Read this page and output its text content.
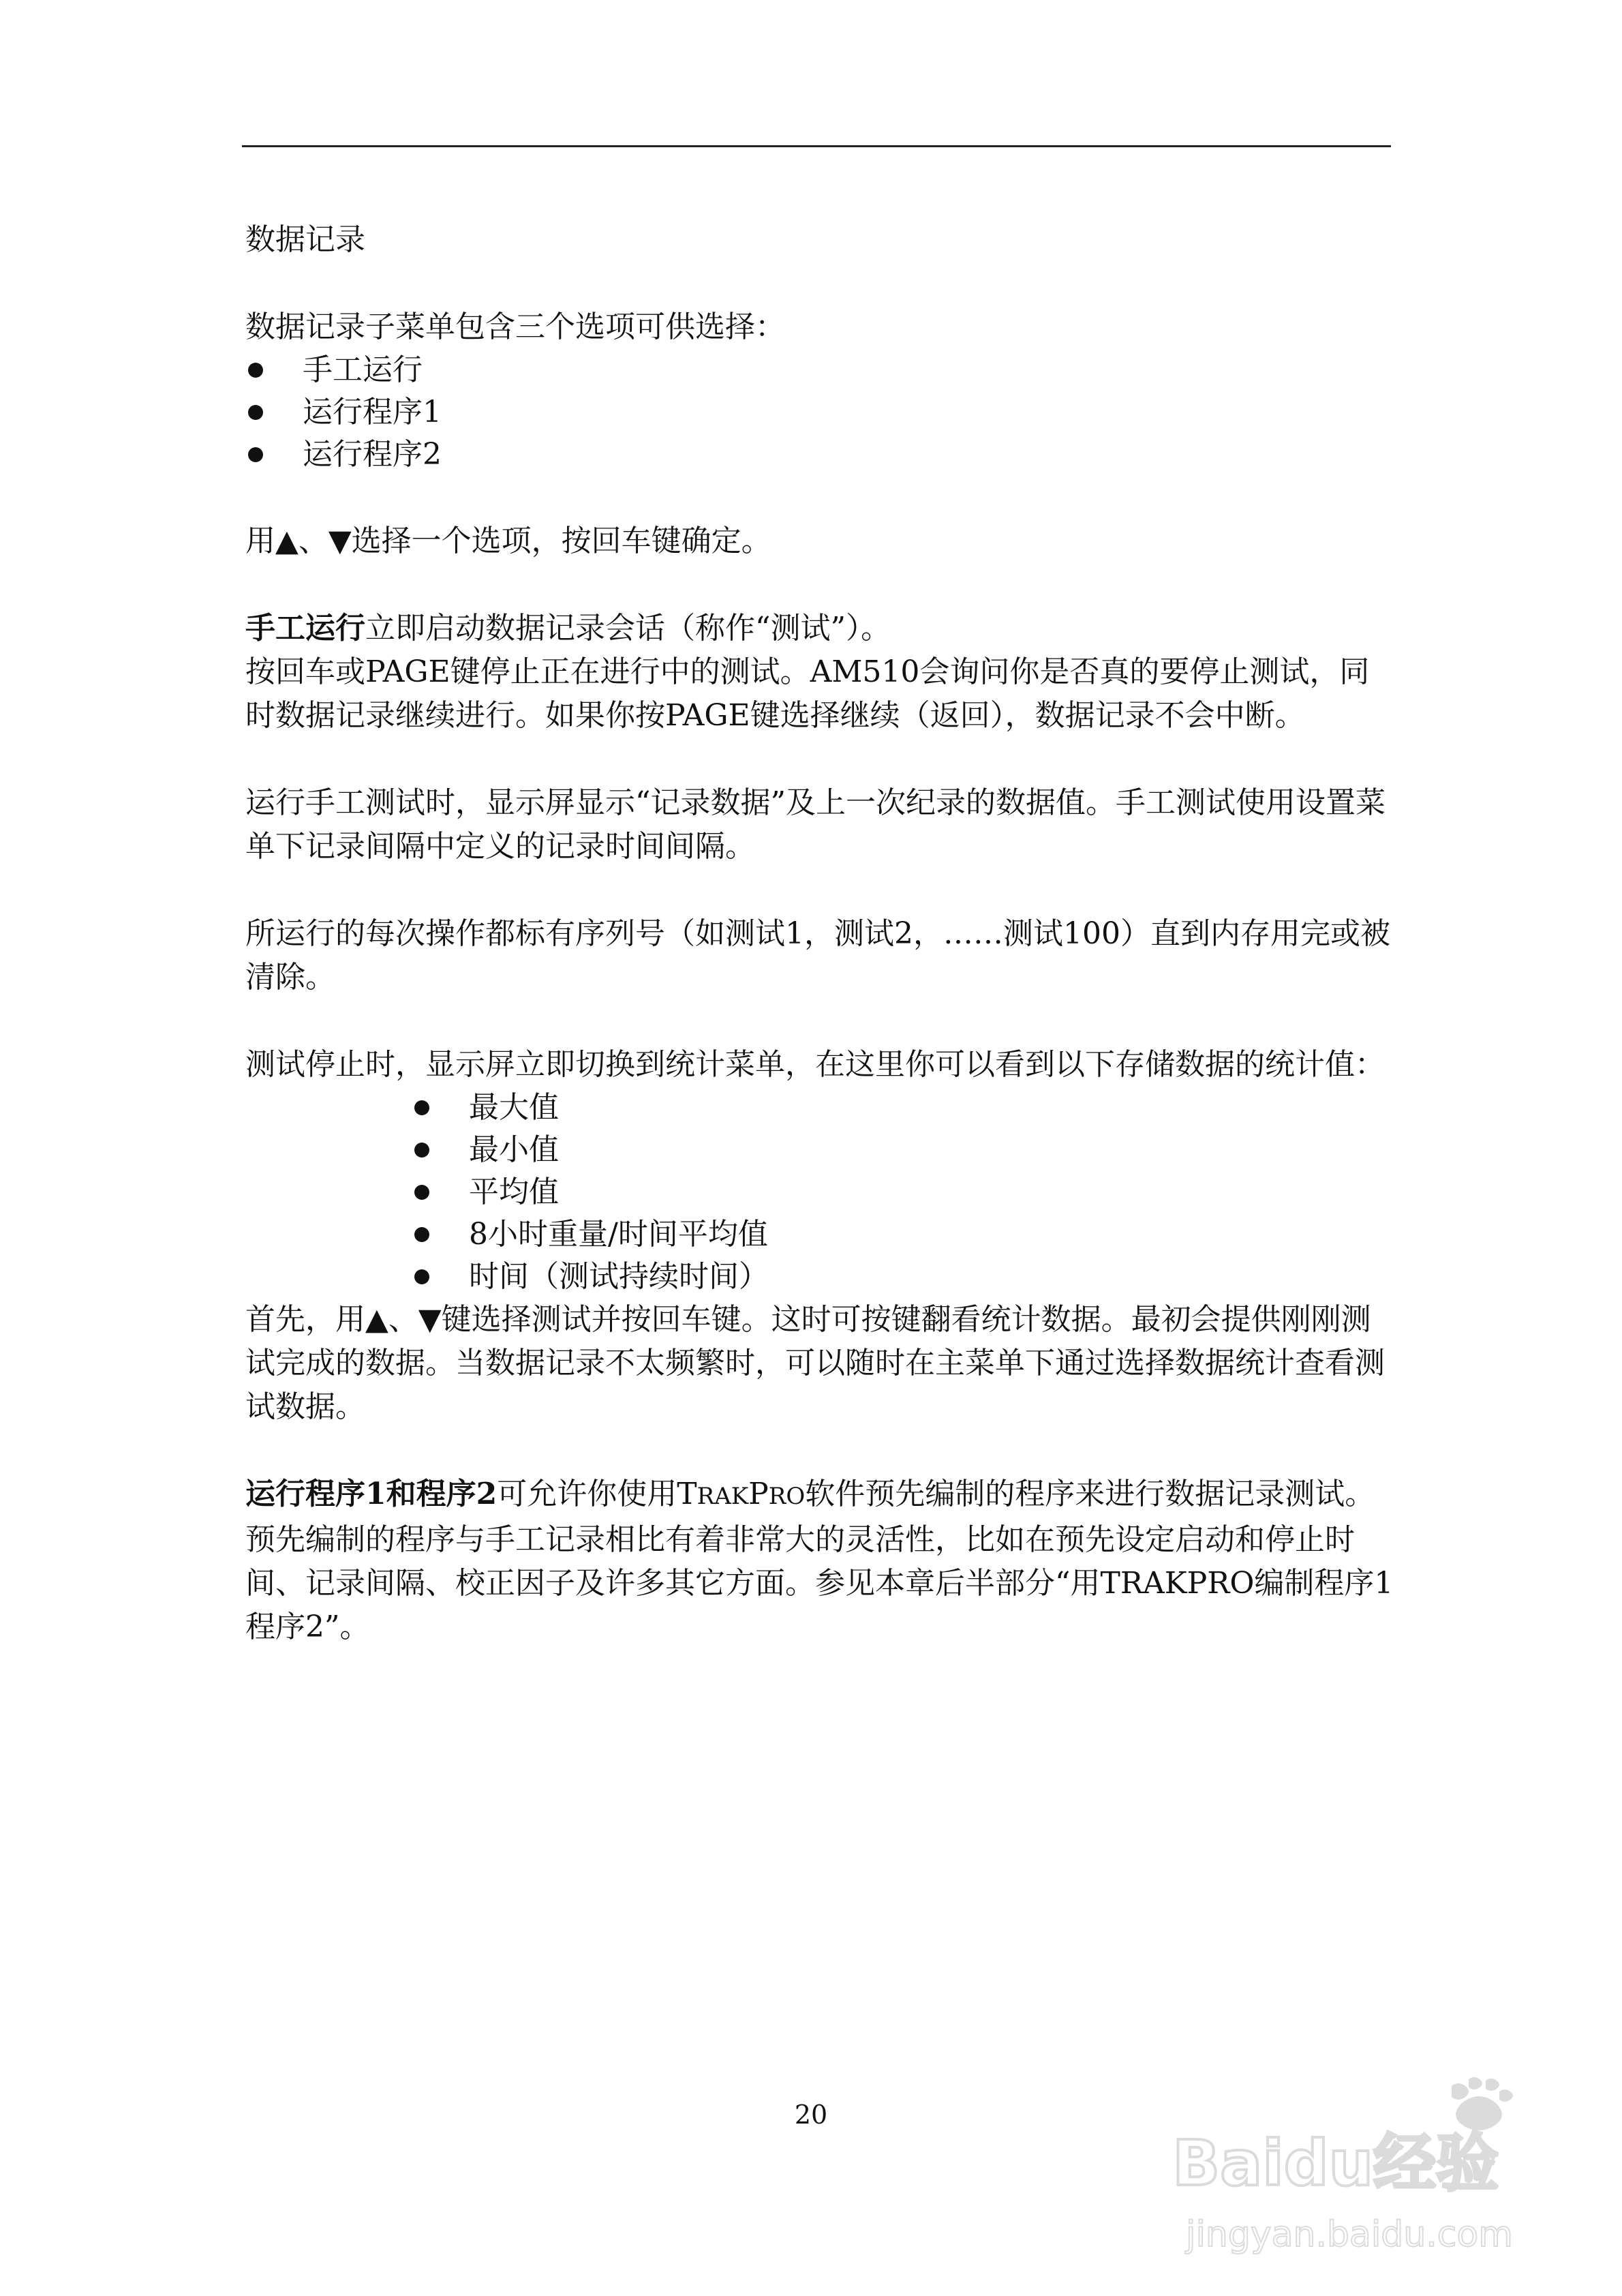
数据记录

数据记录子菜单包含三个选项可供选择：

手工运行
运行程序1
运行程序2

用▲、▼选择一个选项，按回车键确定。

手工运行立即启动数据记录会话（称作“测试”）。

按回车或PAGE键停止正在进行中的测试。AM510会询问你是否真的要停止测试，同时数据记录继续进行。如果你按PAGE键选择继续（返回），数据记录不会中断。

运行手工测试时，显示屏显示“记录数据”及上一次纪录的数据值。手工测试使用设置菜单下记录间隔中定义的记录时间间隔。

所运行的每次操作都标有序列号（如测试1，测试2，……测试100）直到内存用完或被清除。

测试停止时，显示屏立即切换到统计菜单，在这里你可以看到以下存储数据的统计值：

最大值
最小值
平均值
8小时重量/时间平均值
时间（测试持续时间）

首先，用▲、▼键选择测试并按回车键。这时可按键翻看统计数据。最初会提供刚刚测试完成的数据。当数据记录不太频繁时，可以随时在主菜单下通过选择数据统计查看测试数据。

运行程序1和程序2可允许你使用TRAKPRO软件预先编制的程序来进行数据记录测试。预先编制的程序与手工记录相比有着非常大的灵活性，比如在预先设定启动和停止时间、记录间隔、校正因子及许多其它方面。参见本章后半部分“用TRAKPRO编制程序1程序2”。

20
Baidu经验
jingyan.baidu.com
